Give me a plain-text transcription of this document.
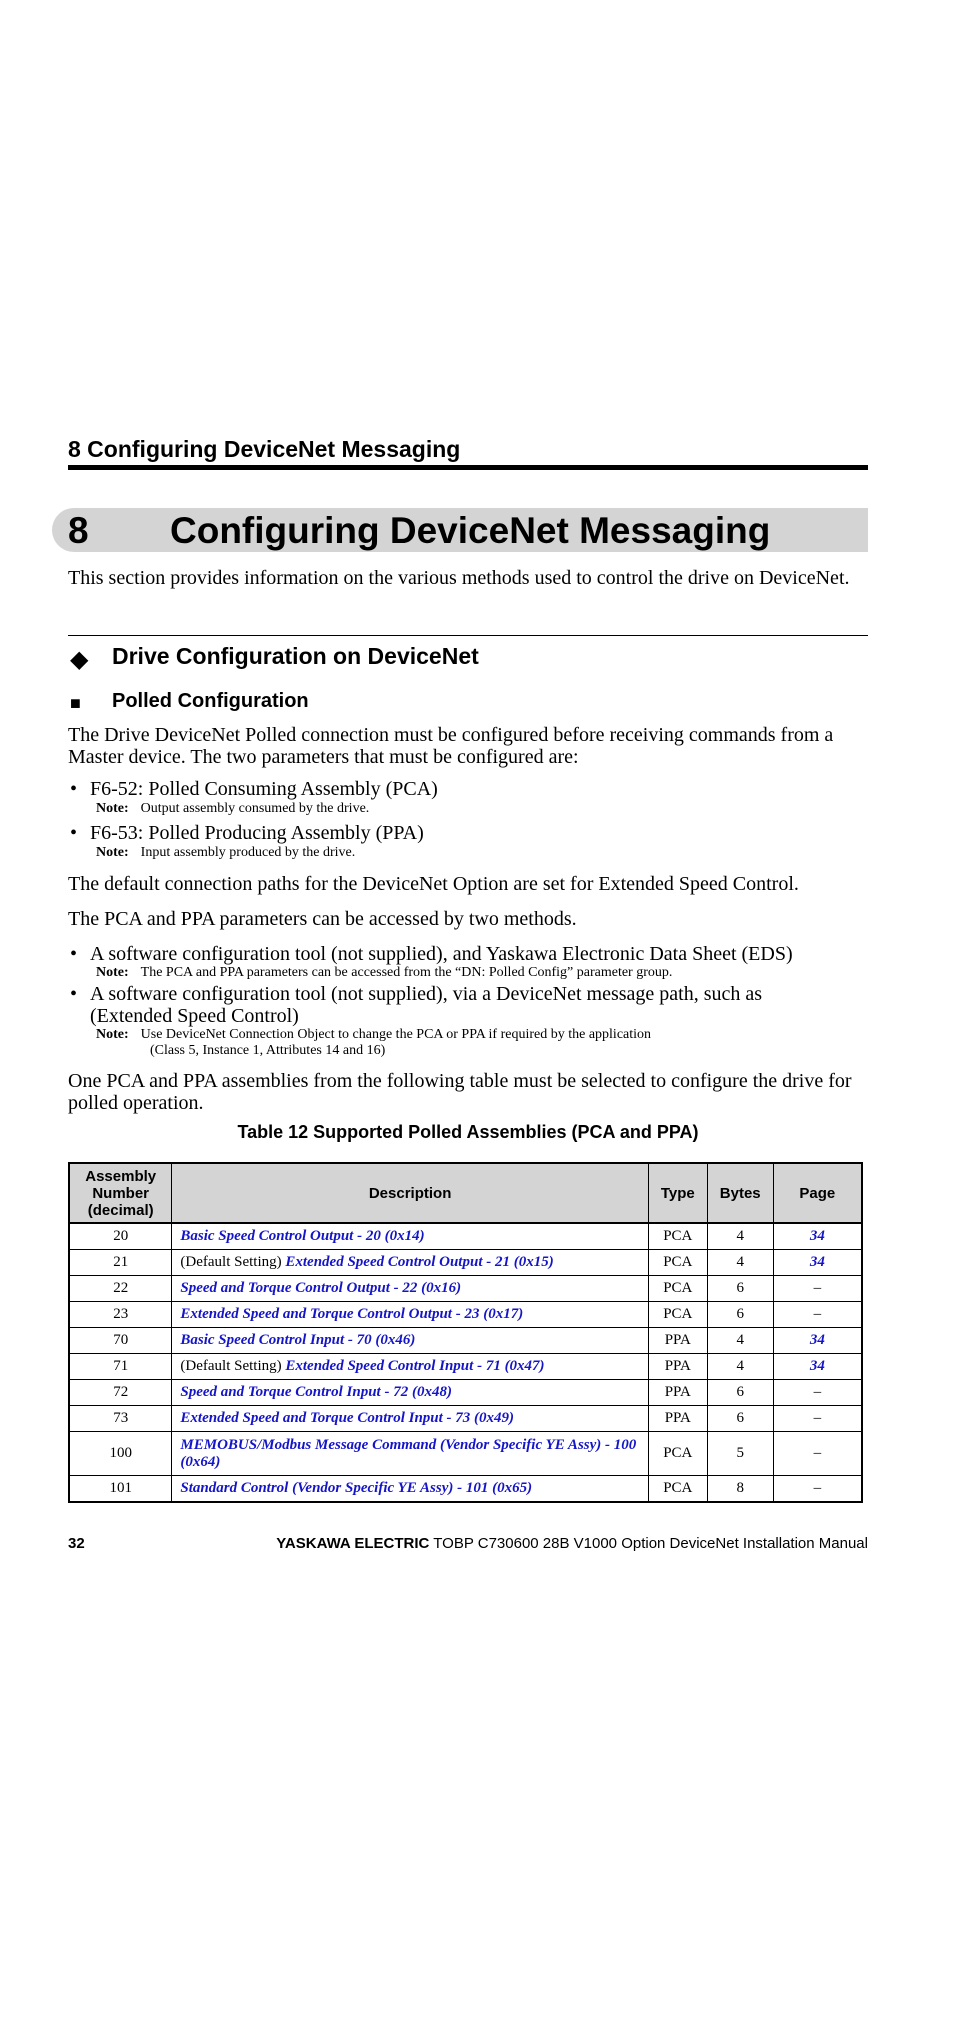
8 Configuring DeviceNet Messaging
8 Configuring DeviceNet Messaging
This section provides information on the various methods used to control the drive on DeviceNet.
◆ Drive Configuration on DeviceNet
■ Polled Configuration
The Drive DeviceNet Polled connection must be configured before receiving commands from a Master device. The two parameters that must be configured are:
• F6-52: Polled Consuming Assembly (PCA)
Note: Output assembly consumed by the drive.
• F6-53: Polled Producing Assembly (PPA)
Note: Input assembly produced by the drive.
The default connection paths for the DeviceNet Option are set for Extended Speed Control.
The PCA and PPA parameters can be accessed by two methods.
• A software configuration tool (not supplied), and Yaskawa Electronic Data Sheet (EDS)
Note: The PCA and PPA parameters can be accessed from the “DN: Polled Config” parameter group.
• A software configuration tool (not supplied), via a DeviceNet message path, such as
(Extended Speed Control)
Note: Use DeviceNet Connection Object to change the PCA or PPA if required by the application
(Class 5, Instance 1, Attributes 14 and 16)
One PCA and PPA assemblies from the following table must be selected to configure the drive for polled operation.
Table 12 Supported Polled Assemblies (PCA and PPA)
Assembly
Number
(decimal)	Description	Type	Bytes	Page
20	Basic Speed Control Output - 20 (0x14)	PCA	4	34
21	(Default Setting) Extended Speed Control Output - 21 (0x15)	PCA	4	34
22	Speed and Torque Control Output - 22 (0x16)	PCA	6	–
23	Extended Speed and Torque Control Output - 23 (0x17)	PCA	6	–
70	Basic Speed Control Input - 70 (0x46)	PPA	4	34
71	(Default Setting) Extended Speed Control Input - 71 (0x47)	PPA	4	34
72	Speed and Torque Control Input - 72 (0x48)	PPA	6	–
73	Extended Speed and Torque Control Input - 73 (0x49)	PPA	6	–
100	MEMOBUS/Modbus Message Command (Vendor Specific YE Assy) - 100 (0x64)	PCA	5	–
101	Standard Control (Vendor Specific YE Assy) - 101 (0x65)	PCA	8	–
32	YASKAWA ELECTRIC TOBP C730600 28B V1000 Option DeviceNet Installation Manual
